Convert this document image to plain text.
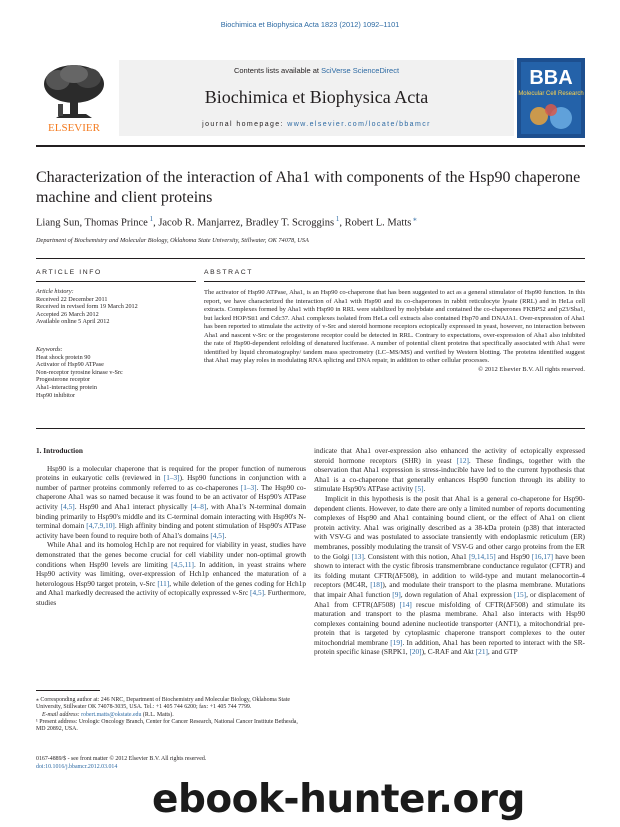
Biochimica et Biophysica Acta 1823 (2012) 1092–1101
ELSEVIER
Contents lists available at SciVerse ScienceDirect
Biochimica et Biophysica Acta
journal homepage: www.elsevier.com/locate/bbamcr
BBA
Molecular Cell Research
Characterization of the interaction of Aha1 with components of the Hsp90 chaperone machine and client proteins
Liang Sun, Thomas Prince $^1$, Jacob R. Manjarrez, Bradley T. Scroggins $^1$, Robert L. Matts ⁎
Department of Biochemistry and Molecular Biology, Oklahoma State University, Stillwater, OK 74078, USA
ARTICLE INFO
Article history:
Received 22 December 2011
Received in revised form 19 March 2012
Accepted 26 March 2012
Available online 5 April 2012
Keywords:
Heat shock protein 90
Activator of Hsp90 ATPase
Non-receptor tyrosine kinase v-Src
Progesterone receptor
Aha1-interacting protein
Hsp90 inhibitor
ABSTRACT
The activator of Hsp90 ATPase, Aha1, is an Hsp90 co-chaperone that has been suggested to act as a general stimulator of Hsp90 function. In this report, we have characterized the interaction of Aha1 with Hsp90 and its co-chaperones in rabbit reticulocyte lysate (RRL) and in HeLa cell extracts. Complexes formed by Aha1 with Hsp90 in RRL were stabilized by molybdate and contained the co-chaperones FKBP52 and p23/Sba1, but lacked HOP/Sti1 and Cdc37. Aha1 complexes isolated from HeLa cell extracts also contained Hsp70 and DNAJA1. Over-expression of Aha1 has been reported to stimulate the activity of v-Src and steroid hormone receptors ectopically expressed in yeast, however, no interaction between Aha1 and nascent v-Src or the progesterone receptor could be detected in RRL. Contrary to expectations, over-expression of Aha1 also inhibited the rate of Hsp90-dependent refolding of denatured luciferase. A number of potential client proteins that specifically associated with Aha1 were identified by liquid chromatography/ tandem mass spectrometry (LC–MS/MS) and verified by Western blotting. The proteins identified suggest that Aha1 may play roles in modulating RNA splicing and DNA repair, in addition to other cellular processes.
© 2012 Elsevier B.V. All rights reserved.
1. Introduction

Hsp90 is a molecular chaperone that is required for the proper function of numerous proteins in eukaryotic cells (reviewed in [1–3]). Hsp90 functions in conjunction with a number of partner proteins commonly referred to as co-chaperones [1–3]. The Hsp90 co-chaperone Aha1 was so named because it was found to be an activator of Hsp90's ATPase activity [4,5]. Hsp90 and Aha1 interact physically [4–8], with Aha1's N-terminal domain binding primarily to Hsp90's middle and its C-terminal domain interacting with Hsp90's N-terminal domain [4,7,9,10]. High affinity binding and potent stimulation of Hsp90's ATPase activity have been found to require both of Aha1's domains [4,5].

While Aha1 and its homolog Hch1p are not required for viability in yeast, studies have demonstrated that the genes become crucial for cell viability under non-optimal growth conditions when Hsp90 levels are limiting [4,5,11]. In addition, in yeast strains where Hsp90 activity was limiting, over-expression of Hch1p enhanced the maturation of a heterologous Hsp90 target protein, v-Src [11], while deletion of the genes coding for Hch1p and Aha1 markedly decreased the activity of ectopically expressed v-Src [4,5]. Furthermore, studies

indicate that Aha1 over-expression also enhanced the activity of ectopically expressed steroid hormone receptors (SHR) in yeast [12]. These findings, together with the observation that Aha1 expression is stress-inducible have led to the current hypothesis that Aha1 is a co-chaperone that generally enhances Hsp90 function through its ability to stimulate Hsp90's ATPase activity [5].

Implicit in this hypothesis is the posit that Aha1 is a general co-chaperone for Hsp90-dependent clients. However, to date there are only a limited number of reports documenting complexes of Hsp90 and Aha1 containing bound client, or the effect of Aha1 on client protein activity. Aha1 was originally described as a 38-kDa protein (p38) that interacted with VSV-G and was postulated to associate transiently with endoplasmic reticulum (ER) membranes, possibly modulating the transit of VSV-G and other cargo proteins from the ER to the Golgi [13]. Consistent with this notion, Aha1 [9,14,15] and Hsp90 [16,17] have been shown to interact with the cystic fibrosis transmembrane conductance regulator (CFTR) and its folding mutant CFTR(ΔF508), in addition to wild-type and mutant melanocortin-4 receptors (MC4R, [18]), and modulate their transport to the plasma membrane. Mutations that impair Aha1 function [9], down regulation of Aha1 expression [15], or displacement of Aha1 from CFTR(ΔF508) [14] rescue misfolding of CFTR(ΔF508) and stimulate its maturation and transport to the plasma membrane. Aha1 also interacts with Hsp90 complexes containing bound adenine nucleotide transporter (ANT1), a mitochondrial pre-protein that is targeted by cytoplasmic chaperone transport complexes to the outer mitochondrial membrane [19]. In addition, Aha1 has been reported to interact with the SR-protein specific kinase (SRPK1, [20]), C-RAF and Akt [21], and GTP

⁎ Corresponding author at: 246 NRC, Department of Biochemistry and Molecular Biology, Oklahoma State University, Stillwater OK 74078-3035, USA. Tel.: +1 405 744 6200; fax: +1 405 744 7799.
E-mail address: robert.matts@okstate.edu (R.L. Matts).
¹ Present address: Urologic Oncology Branch, Center for Cancer Research, National Cancer Institute Bethesda, MD 20892, USA.
0167-4889/$ - see front matter © 2012 Elsevier B.V. All rights reserved.
doi:10.1016/j.bbamcr.2012.03.014
ebook-hunter.org
